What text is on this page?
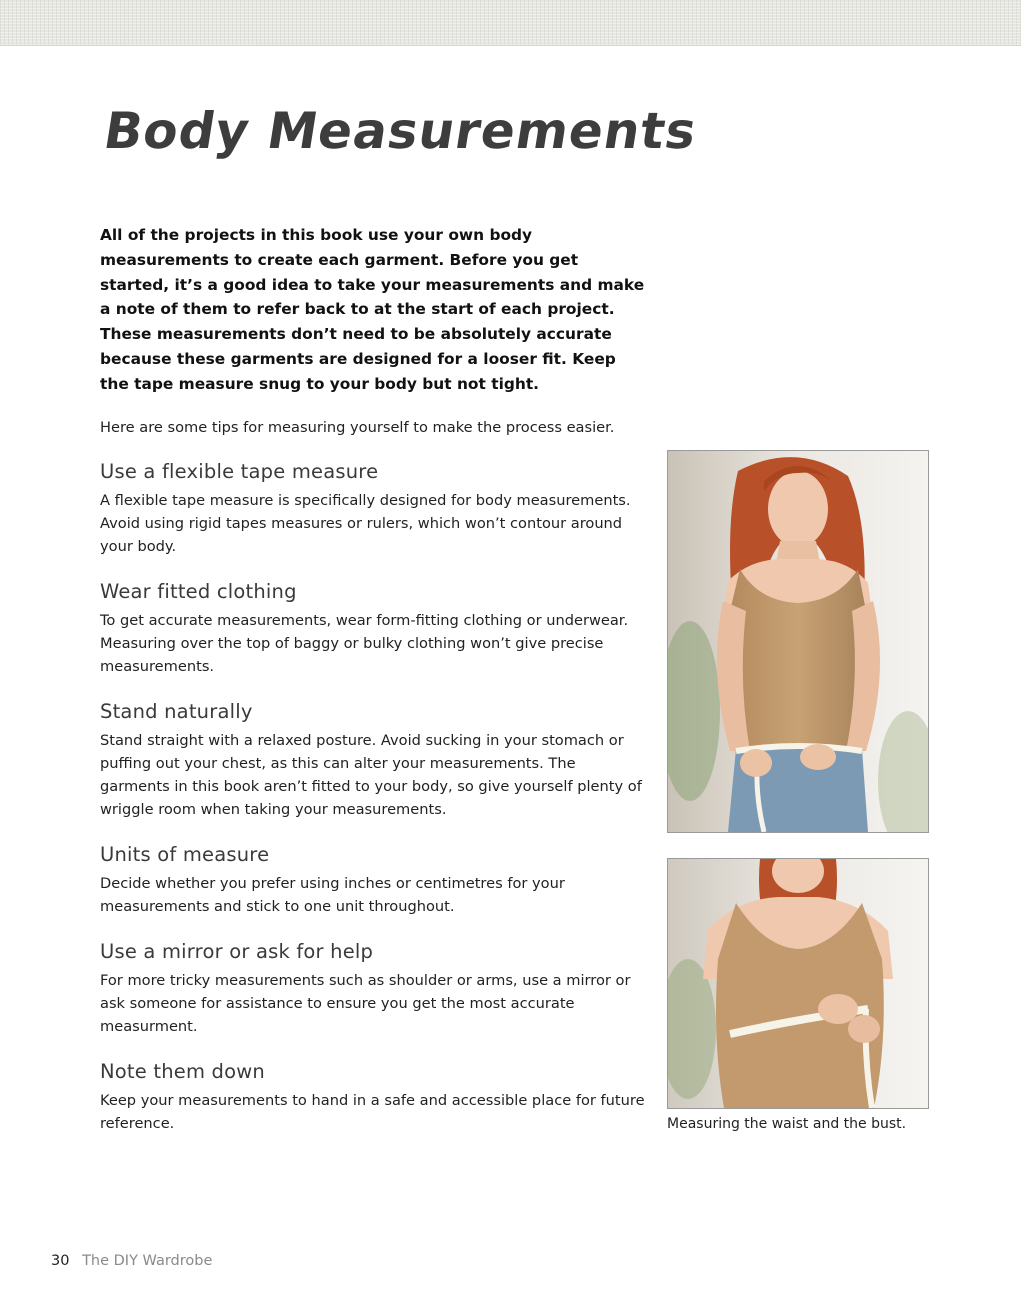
Body Measurements

All of the projects in this book use your own body measurements to create each garment. Before you get started, it’s a good idea to take your measurements and make a note of them to refer back to at the start of each project. These measurements don’t need to be absolutely accurate because these garments are designed for a looser fit. Keep the tape measure snug to your body but not tight.

Here are some tips for measuring yourself to make the process easier.

Use a flexible tape measure

A flexible tape measure is specifically designed for body measurements. Avoid using rigid tapes measures or rulers, which won’t contour around your body.

Wear fitted clothing

To get accurate measurements, wear form-fitting clothing or underwear. Measuring over the top of baggy or bulky clothing won’t give precise measurements.

Stand naturally

Stand straight with a relaxed posture. Avoid sucking in your stomach or puffing out your chest, as this can alter your measurements. The garments in this book aren’t fitted to your body, so give yourself plenty of wriggle room when taking your measurements.

Units of measure

Decide whether you prefer using inches or centimetres for your measurements and stick to one unit throughout.

Use a mirror or ask for help

For more tricky measurements such as shoulder or arms, use a mirror or ask someone for assistance to ensure you get the most accurate measurment.

Note them down

Keep your measurements to hand in a safe and accessible place for future reference.	Measuring the waist and the bust.

30 The DIY Wardrobe
